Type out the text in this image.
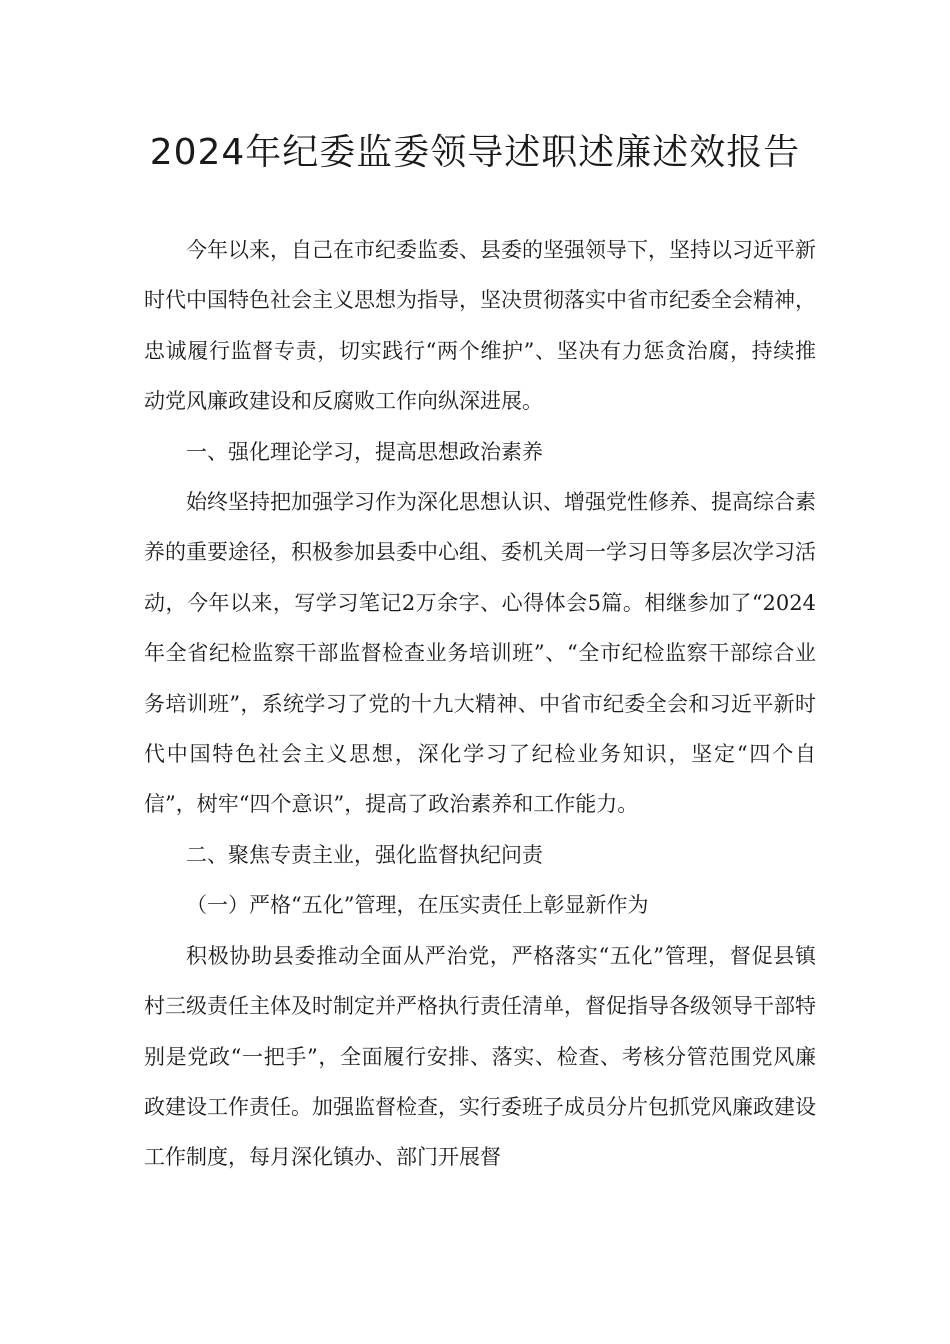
2024年纪委监委领导述职述廉述效报告

今年以来，自己在市纪委监委、县委的坚强领导下，坚持以习近平新时代中国特色社会主义思想为指导，坚决贯彻落实中省市纪委全会精神，忠诚履行监督专责，切实践行“两个维护”、坚决有力惩贪治腐，持续推动党风廉政建设和反腐败工作向纵深进展。

一、强化理论学习，提高思想政治素养

始终坚持把加强学习作为深化思想认识、增强党性修养、提高综合素养的重要途径，积极参加县委中心组、委机关周一学习日等多层次学习活动，今年以来，写学习笔记2万余字、心得体会5篇。相继参加了“2024年全省纪检监察干部监督检查业务培训班”、“全市纪检监察干部综合业务培训班”，系统学习了党的十九大精神、中省市纪委全会和习近平新时代中国特色社会主义思想，深化学习了纪检业务知识，坚定“四个自信”，树牢“四个意识”，提高了政治素养和工作能力。

二、聚焦专责主业，强化监督执纪问责

（一）严格“五化”管理，在压实责任上彰显新作为

积极协助县委推动全面从严治党，严格落实“五化”管理，督促县镇村三级责任主体及时制定并严格执行责任清单，督促指导各级领导干部特别是党政“一把手”，全面履行安排、落实、检查、考核分管范围党风廉政建设工作责任。加强监督检查，实行委班子成员分片包抓党风廉政建设工作制度，每月深化镇办、部门开展督
